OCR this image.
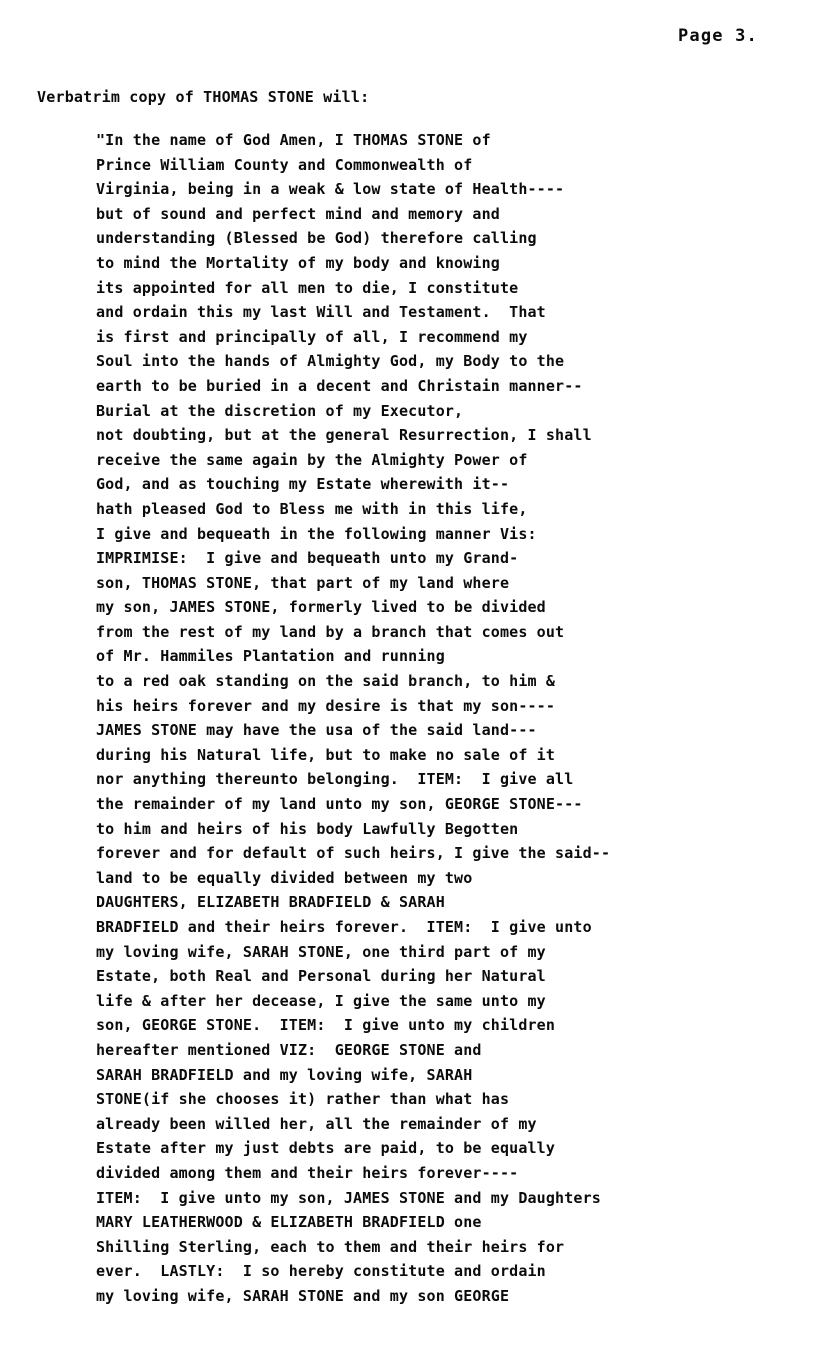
Page 3.
Verbatrim copy of THOMAS STONE will:
"In the name of God Amen, I THOMAS STONE of
Prince William County and Commonwealth of
Virginia, being in a weak & low state of Health----
but of sound and perfect mind and memory and
understanding (Blessed be God) therefore calling
to mind the Mortality of my body and knowing
its appointed for all men to die, I constitute
and ordain this my last Will and Testament.  That
is first and principally of all, I recommend my
Soul into the hands of Almighty God, my Body to the
earth to be buried in a decent and Christain manner--
Burial at the discretion of my Executor,
not doubting, but at the general Resurrection, I shall
receive the same again by the Almighty Power of
God, and as touching my Estate wherewith it--
hath pleased God to Bless me with in this life,
I give and bequeath in the following manner Vis:
IMPRIMISE:  I give and bequeath unto my Grand-
son, THOMAS STONE, that part of my land where
my son, JAMES STONE, formerly lived to be divided
from the rest of my land by a branch that comes out
of Mr. Hammiles Plantation and running
to a red oak standing on the said branch, to him &
his heirs forever and my desire is that my son----
JAMES STONE may have the usa of the said land---
during his Natural life, but to make no sale of it
nor anything thereunto belonging.  ITEM:  I give all
the remainder of my land unto my son, GEORGE STONE---
to him and heirs of his body Lawfully Begotten
forever and for default of such heirs, I give the said--
land to be equally divided between my two
DAUGHTERS, ELIZABETH BRADFIELD & SARAH
BRADFIELD and their heirs forever.  ITEM:  I give unto
my loving wife, SARAH STONE, one third part of my
Estate, both Real and Personal during her Natural
life & after her decease, I give the same unto my
son, GEORGE STONE.  ITEM:  I give unto my children
hereafter mentioned VIZ:  GEORGE STONE and
SARAH BRADFIELD and my loving wife, SARAH
STONE(if she chooses it) rather than what has
already been willed her, all the remainder of my
Estate after my just debts are paid, to be equally
divided among them and their heirs forever----
ITEM:  I give unto my son, JAMES STONE and my Daughters
MARY LEATHERWOOD & ELIZABETH BRADFIELD one
Shilling Sterling, each to them and their heirs for
ever.  LASTLY:  I so hereby constitute and ordain
my loving wife, SARAH STONE and my son GEORGE
